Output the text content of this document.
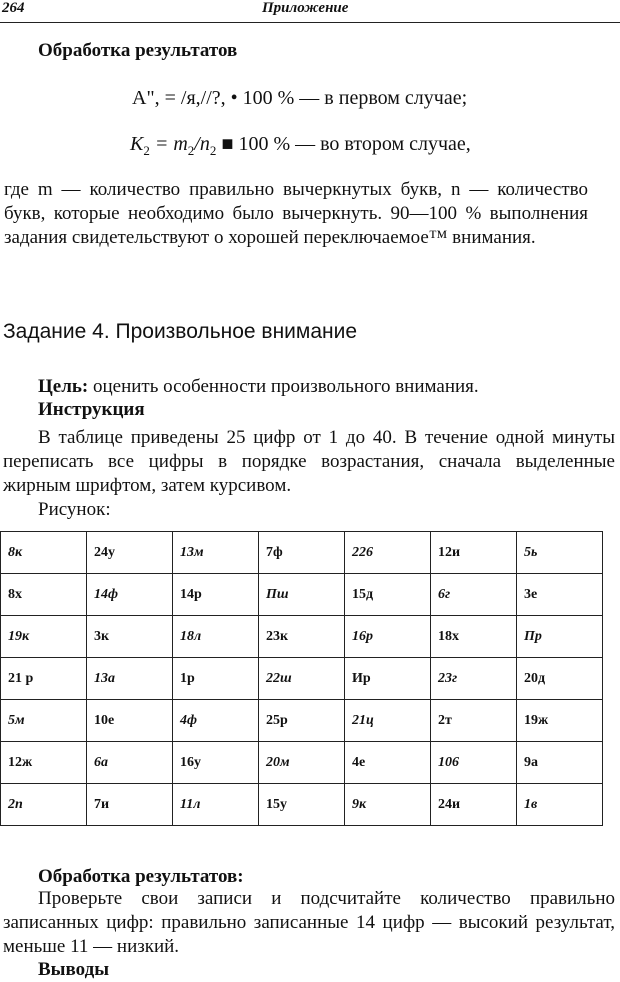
264	Приложение
Обработка результатов
А", = /я,//?, • 100 % — в первом случае;
$K_2 = m_2/n_2$ ■ 100 % — во втором случае,
где m — количество правильно вычеркнутых букв, n — количество букв, которые необходимо было вычеркнуть. 90—100 % выполнения задания свидетельствуют о хорошей переключаемое™ внимания.
Задание 4. Произвольное внимание
Цель: оценить особенности произвольного внимания.
Инструкция
В таблице приведены 25 цифр от 1 до 40. В течение одной минуты переписать все цифры в порядке возрастания, сначала выделенные жирным шрифтом, затем курсивом.
Рисунок:
8к	24у	13м	7ф	226	12и	5ь
8х	14ф	14р	Пш	15д	6г	3е
19к	3к	18л	23к	16р	18х	Пр
21 р	13а	1р	22ш	Ир	23г	20д
5м	10е	4ф	25р	21ц	2т	19ж
12ж	6а	16у	20м	4е	106	9а
2п	7и	11л	15у	9к	24и	1в
Обработка результатов:
Проверьте свои записи и подсчитайте количество правильно записанных цифр: правильно записанные 14 цифр — высокий результат, меньше 11 — низкий.
Выводы
